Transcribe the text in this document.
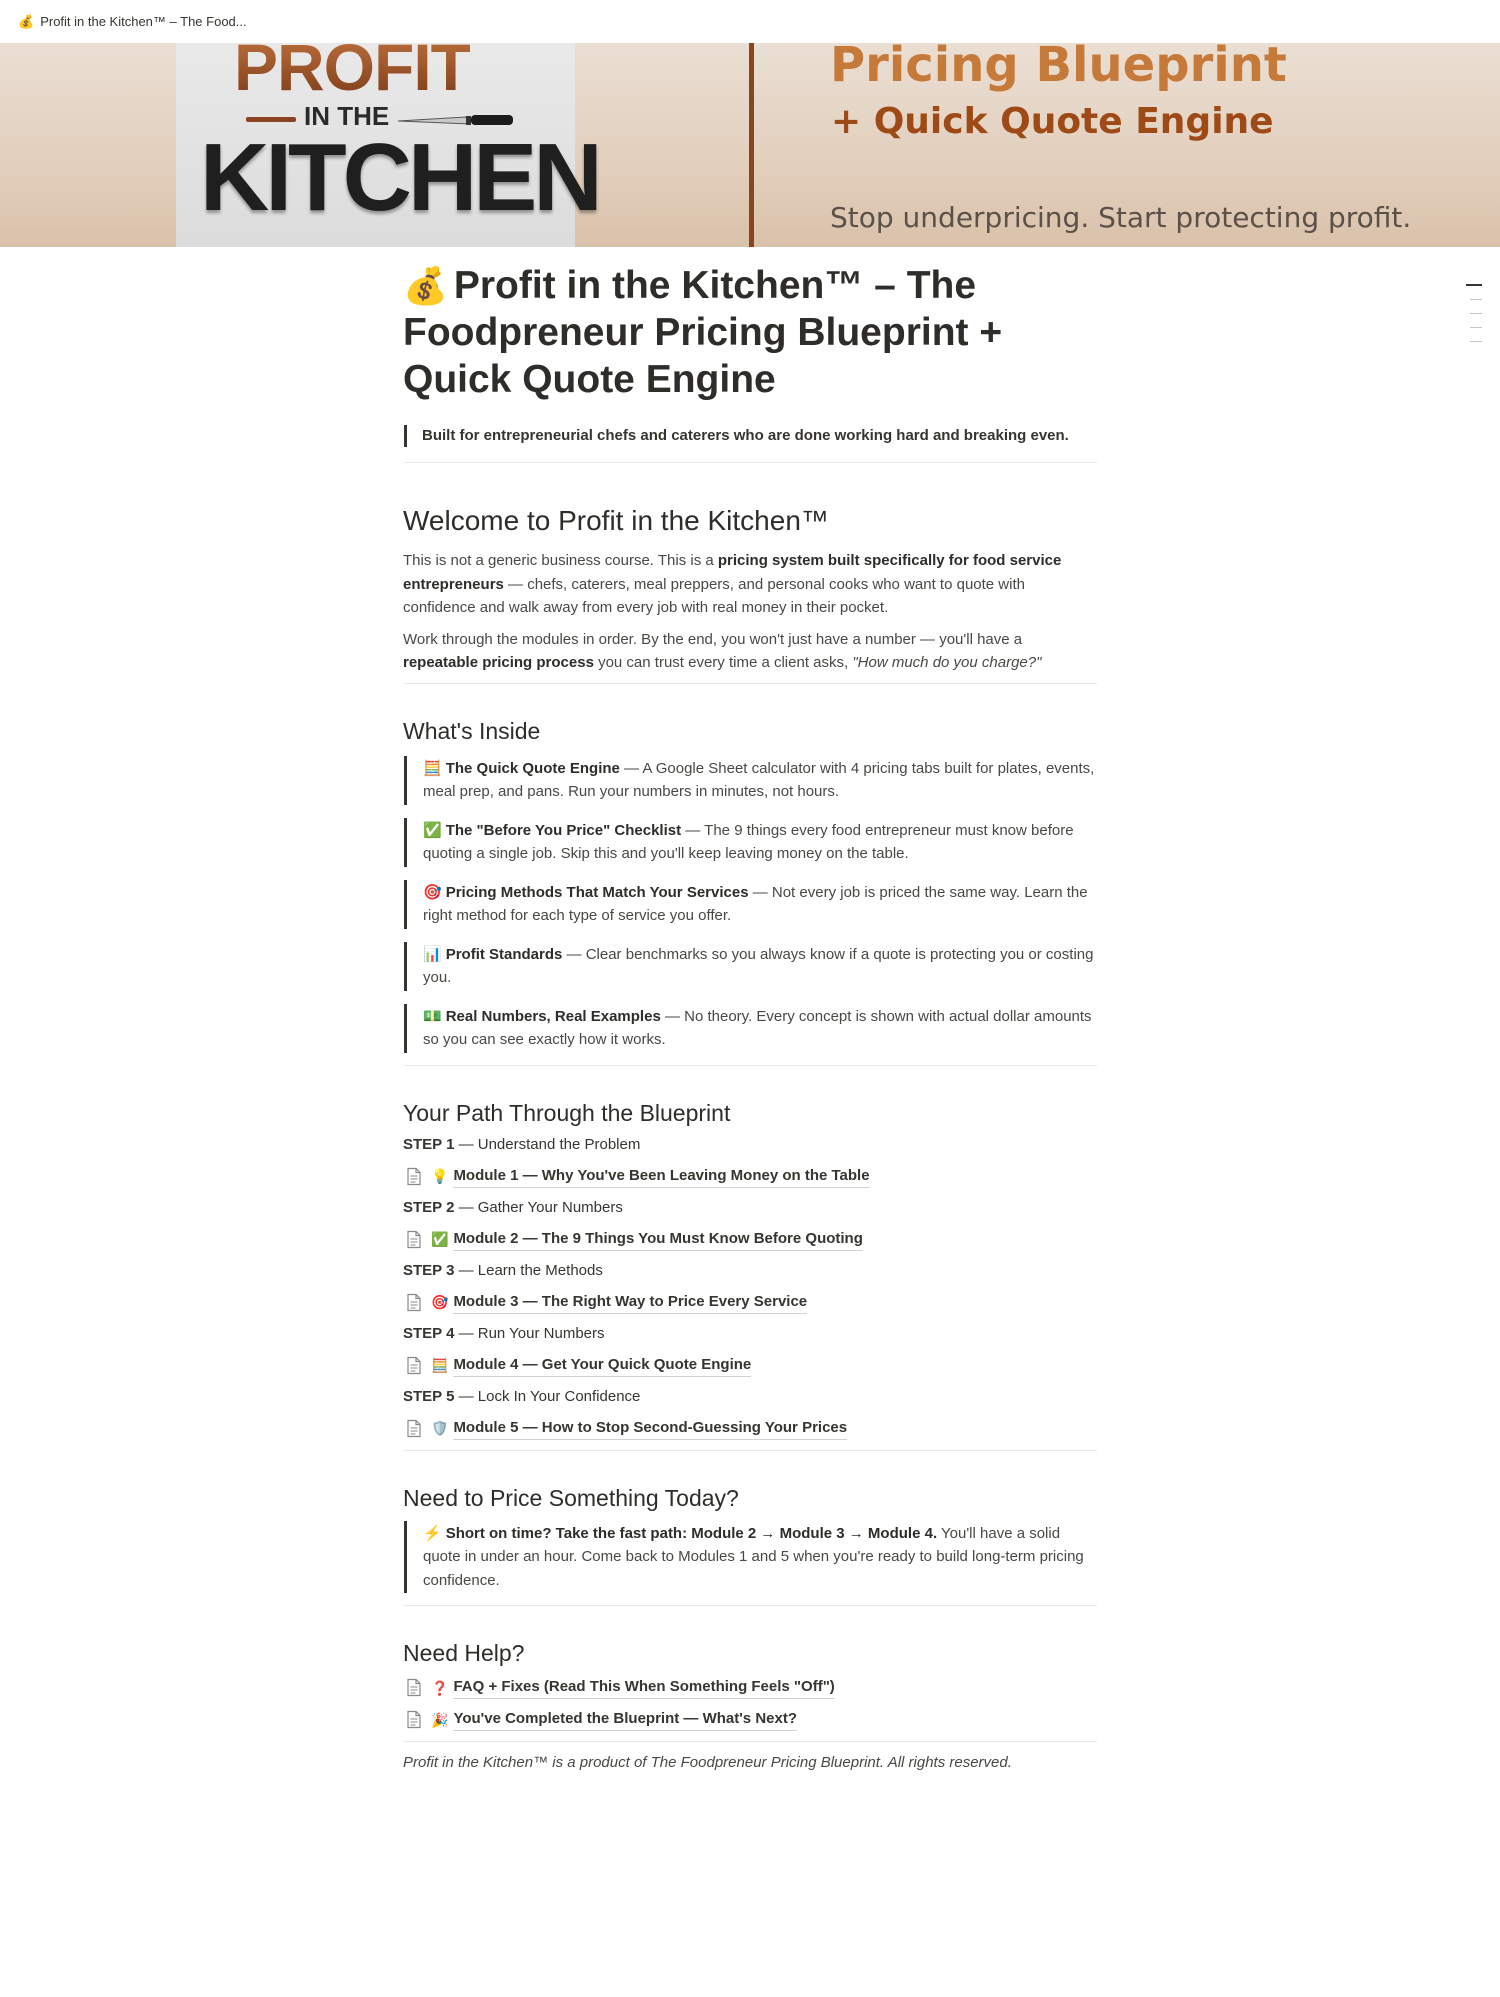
💰 Profit in the Kitchen™ – The Food...
PROFIT
IN THE
KITCHEN
Pricing Blueprint
+ Quick Quote Engine
Stop underpricing. Start protecting profit.
💰 Profit in the Kitchen™ – The Foodpreneur Pricing Blueprint + Quick Quote Engine
Built for entrepreneurial chefs and caterers who are done working hard and breaking even.
Welcome to Profit in the Kitchen™

This is not a generic business course. This is a pricing system built specifically for food service entrepreneurs — chefs, caterers, meal preppers, and personal cooks who want to quote with confidence and walk away from every job with real money in their pocket.

Work through the modules in order. By the end, you won't just have a number — you'll have a repeatable pricing process you can trust every time a client asks, "How much do you charge?"

What's Inside
🧮 The Quick Quote Engine — A Google Sheet calculator with 4 pricing tabs built for plates, events, meal prep, and pans. Run your numbers in minutes, not hours.
✅ The "Before You Price" Checklist — The 9 things every food entrepreneur must know before quoting a single job. Skip this and you'll keep leaving money on the table.
🎯 Pricing Methods That Match Your Services — Not every job is priced the same way. Learn the right method for each type of service you offer.
📊 Profit Standards — Clear benchmarks so you always know if a quote is protecting you or costing you.
💵 Real Numbers, Real Examples — No theory. Every concept is shown with actual dollar amounts so you can see exactly how it works.
Your Path Through the Blueprint
STEP 1 — Understand the Problem
💡 Module 1 — Why You've Been Leaving Money on the Table
STEP 2 — Gather Your Numbers
✅ Module 2 — The 9 Things You Must Know Before Quoting
STEP 3 — Learn the Methods
🎯 Module 3 — The Right Way to Price Every Service
STEP 4 — Run Your Numbers
🧮 Module 4 — Get Your Quick Quote Engine
STEP 5 — Lock In Your Confidence
🛡️ Module 5 — How to Stop Second-Guessing Your Prices
Need to Price Something Today?
⚡ Short on time? Take the fast path: Module 2 → Module 3 → Module 4. You'll have a solid quote in under an hour. Come back to Modules 1 and 5 when you're ready to build long-term pricing confidence.
Need Help?
❓ FAQ + Fixes (Read This When Something Feels "Off")
🎉 You've Completed the Blueprint — What's Next?

Profit in the Kitchen™ is a product of The Foodpreneur Pricing Blueprint. All rights reserved.
